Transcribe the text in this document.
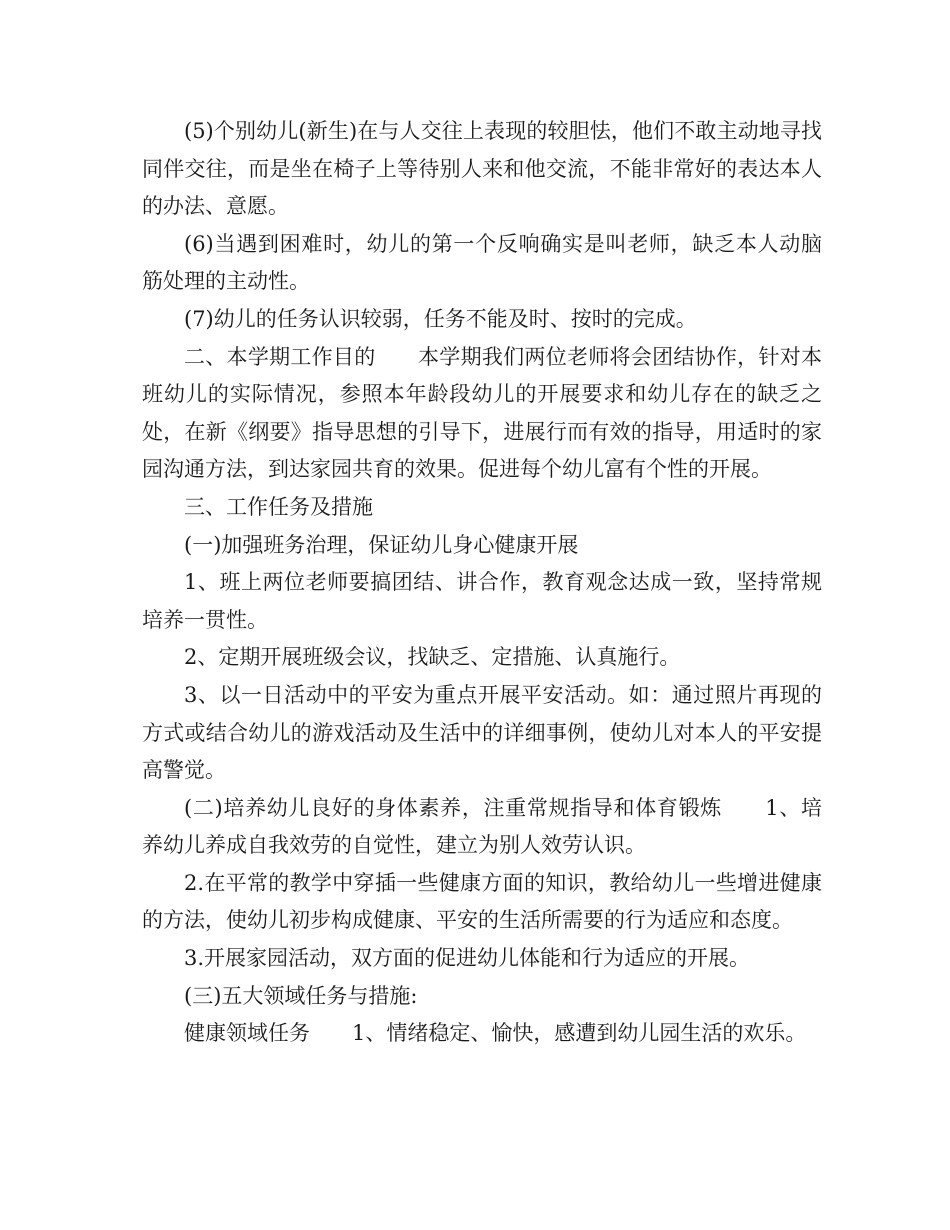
(5)个别幼儿(新生)在与人交往上表现的较胆怯，他们不敢主动地寻找同伴交往，而是坐在椅子上等待别人来和他交流，不能非常好的表达本人的办法、意愿。

(6)当遇到困难时，幼儿的第一个反响确实是叫老师，缺乏本人动脑筋处理的主动性。

(7)幼儿的任务认识较弱，任务不能及时、按时的完成。

二、本学期工作目的　　本学期我们两位老师将会团结协作，针对本班幼儿的实际情况，参照本年龄段幼儿的开展要求和幼儿存在的缺乏之处，在新《纲要》指导思想的引导下，进展行而有效的指导，用适时的家园沟通方法，到达家园共育的效果。促进每个幼儿富有个性的开展。

三、工作任务及措施

(一)加强班务治理，保证幼儿身心健康开展

1、班上两位老师要搞团结、讲合作，教育观念达成一致，坚持常规培养一贯性。

2、定期开展班级会议，找缺乏、定措施、认真施行。

3、以一日活动中的平安为重点开展平安活动。如：通过照片再现的方式或结合幼儿的游戏活动及生活中的详细事例，使幼儿对本人的平安提高警觉。

(二)培养幼儿良好的身体素养，注重常规指导和体育锻炼　　1、培养幼儿养成自我效劳的自觉性，建立为别人效劳认识。

2.在平常的教学中穿插一些健康方面的知识，教给幼儿一些增进健康的方法，使幼儿初步构成健康、平安的生活所需要的行为适应和态度。

3.开展家园活动，双方面的促进幼儿体能和行为适应的开展。

(三)五大领域任务与措施:

健康领域任务　　1、情绪稳定、愉快，感遭到幼儿园生活的欢乐。
